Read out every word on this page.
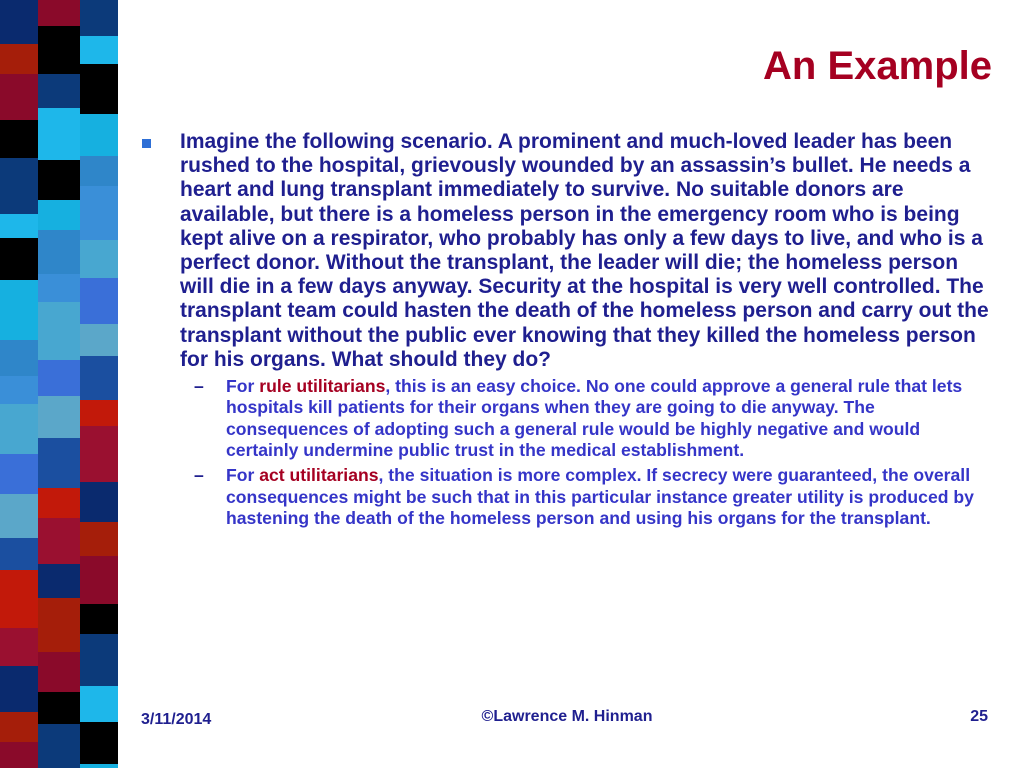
An Example
Imagine the following scenario. A prominent and much-loved leader has been rushed to the hospital, grievously wounded by an assassin’s bullet. He needs a heart and lung transplant immediately to survive. No suitable donors are available, but there is a homeless person in the emergency room who is being kept alive on a respirator, who probably has only a few days to live, and who is a perfect donor. Without the transplant, the leader will die; the homeless person will die in a few days anyway. Security at the hospital is very well controlled. The transplant team could hasten the death of the homeless person and carry out the transplant without the public ever knowing that they killed the homeless person for his organs. What should they do?
– For rule utilitarians, this is an easy choice. No one could approve a general rule that lets hospitals kill patients for their organs when they are going to die anyway. The consequences of adopting such a general rule would be highly negative and would certainly undermine public trust in the medical establishment.
– For act utilitarians, the situation is more complex. If secrecy were guaranteed, the overall consequences might be such that in this particular instance greater utility is produced by hastening the death of the homeless person and using his organs for the transplant.
3/11/2014	©Lawrence M. Hinman	25
